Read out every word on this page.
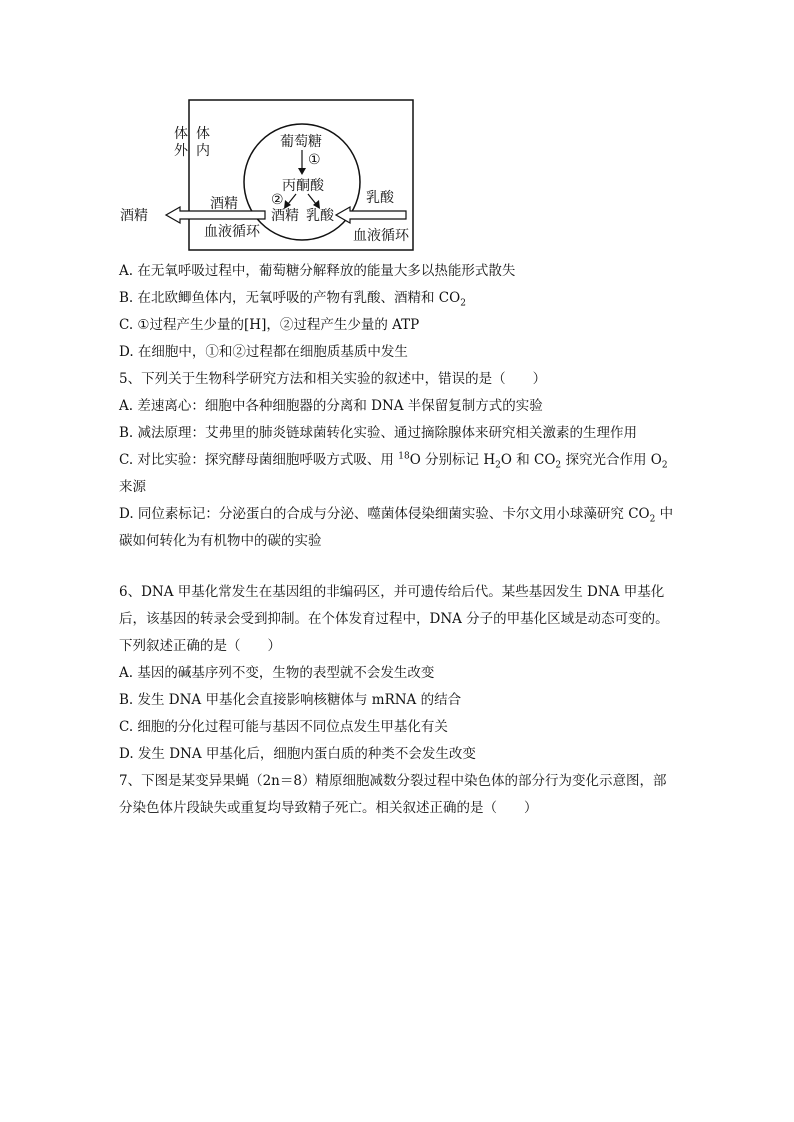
体
外
体
内
葡萄糖
①
丙酮酸
②
酒精 乳酸
酒精
血液循环
乳酸
血液循环
酒精
A. 在无氧呼吸过程中，葡萄糖分解释放的能量大多以热能形式散失
B. 在北欧鲫鱼体内，无氧呼吸的产物有乳酸、酒精和 $CO_2$
C. ①过程产生少量的[H]，②过程产生少量的 ATP
D. 在细胞中，①和②过程都在细胞质基质中发生
5、下列关于生物科学研究方法和相关实验的叙述中，错误的是（　　）
A. 差速离心：细胞中各种细胞器的分离和 DNA 半保留复制方式的实验
B. 减法原理：艾弗里的肺炎链球菌转化实验、通过摘除腺体来研究相关激素的生理作用
C. 对比实验：探究酵母菌细胞呼吸方式吸、用 $^{18}$O 分别标记 $H_2O$ 和 $CO_2$ 探究光合作用 $O_2$
来源
D. 同位素标记：分泌蛋白的合成与分泌、噬菌体侵染细菌实验、卡尔文用小球藻研究 $CO_2$ 中
碳如何转化为有机物中的碳的实验
6、DNA 甲基化常发生在基因组的非编码区，并可遗传给后代。某些基因发生 DNA 甲基化
后，该基因的转录会受到抑制。在个体发育过程中，DNA 分子的甲基化区域是动态可变的。
下列叙述正确的是（　　）
A. 基因的碱基序列不变，生物的表型就不会发生改变
B. 发生 DNA 甲基化会直接影响核糖体与 mRNA 的结合
C. 细胞的分化过程可能与基因不同位点发生甲基化有关
D. 发生 DNA 甲基化后，细胞内蛋白质的种类不会发生改变
7、下图是某变异果蝇（2n＝8）精原细胞减数分裂过程中染色体的部分行为变化示意图，部
分染色体片段缺失或重复均导致精子死亡。相关叙述正确的是（　　）
